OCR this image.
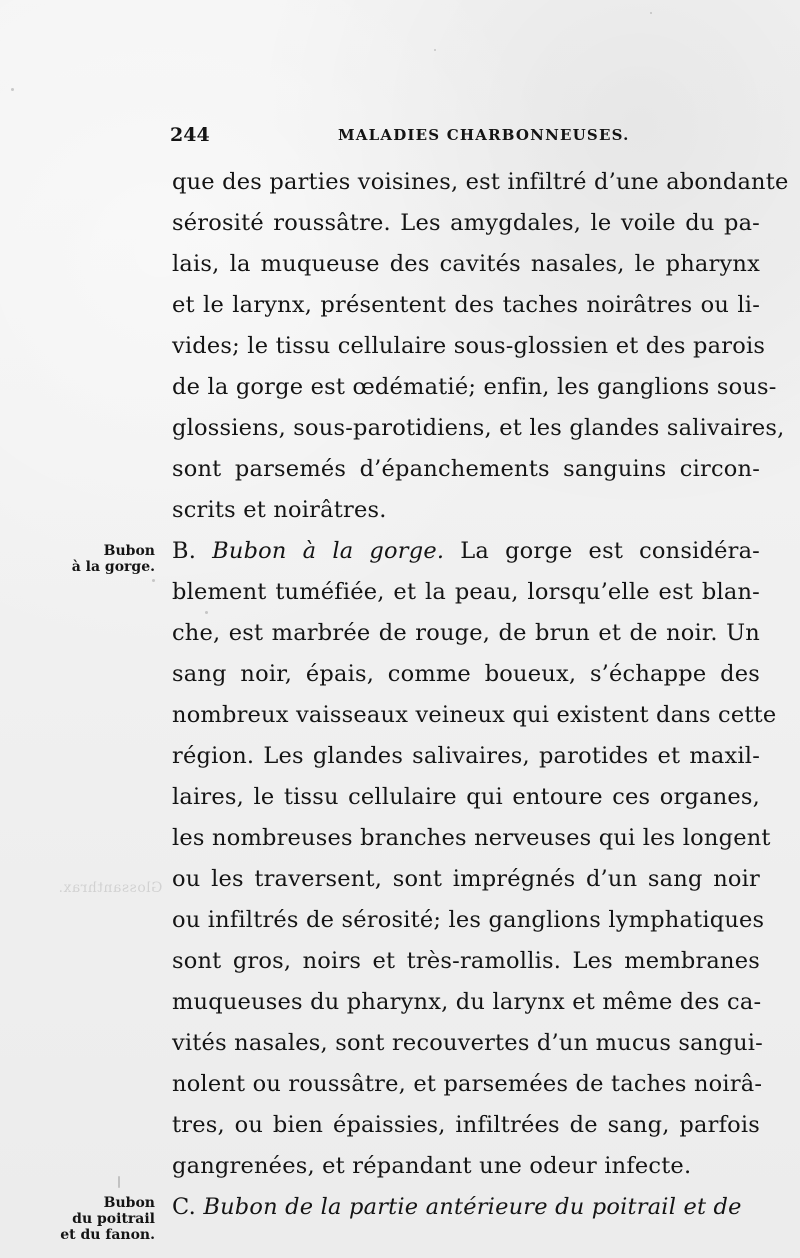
244	MALADIES CHARBONNEUSES.
Bubon
à la gorge.
Glossanthrax.
Bubon
du poitrail
et du fanon.
que des parties voisines, est infiltré d’une abondante
sérosité roussâtre. Les amygdales, le voile du pa-
lais, la muqueuse des cavités nasales, le pharynx
et le larynx, présentent des taches noirâtres ou li-
vides; le tissu cellulaire sous-glossien et des parois
de la gorge est œdématié; enfin, les ganglions sous-
glossiens, sous-parotidiens, et les glandes salivaires,
sont parsemés d’épanchements sanguins circon-
scrits et noirâtres.
B. Bubon à la gorge. La gorge est considéra-
blement tuméfiée, et la peau, lorsqu’elle est blan-
che, est marbrée de rouge, de brun et de noir. Un
sang noir, épais, comme boueux, s’échappe des
nombreux vaisseaux veineux qui existent dans cette
région. Les glandes salivaires, parotides et maxil-
laires, le tissu cellulaire qui entoure ces organes,
les nombreuses branches nerveuses qui les longent
ou les traversent, sont imprégnés d’un sang noir
ou infiltrés de sérosité; les ganglions lymphatiques
sont gros, noirs et très-ramollis. Les membranes
muqueuses du pharynx, du larynx et même des ca-
vités nasales, sont recouvertes d’un mucus sangui-
nolent ou roussâtre, et parsemées de taches noirâ-
tres, ou bien épaissies, infiltrées de sang, parfois
gangrenées, et répandant une odeur infecte.
C. Bubon de la partie antérieure du poitrail et de
